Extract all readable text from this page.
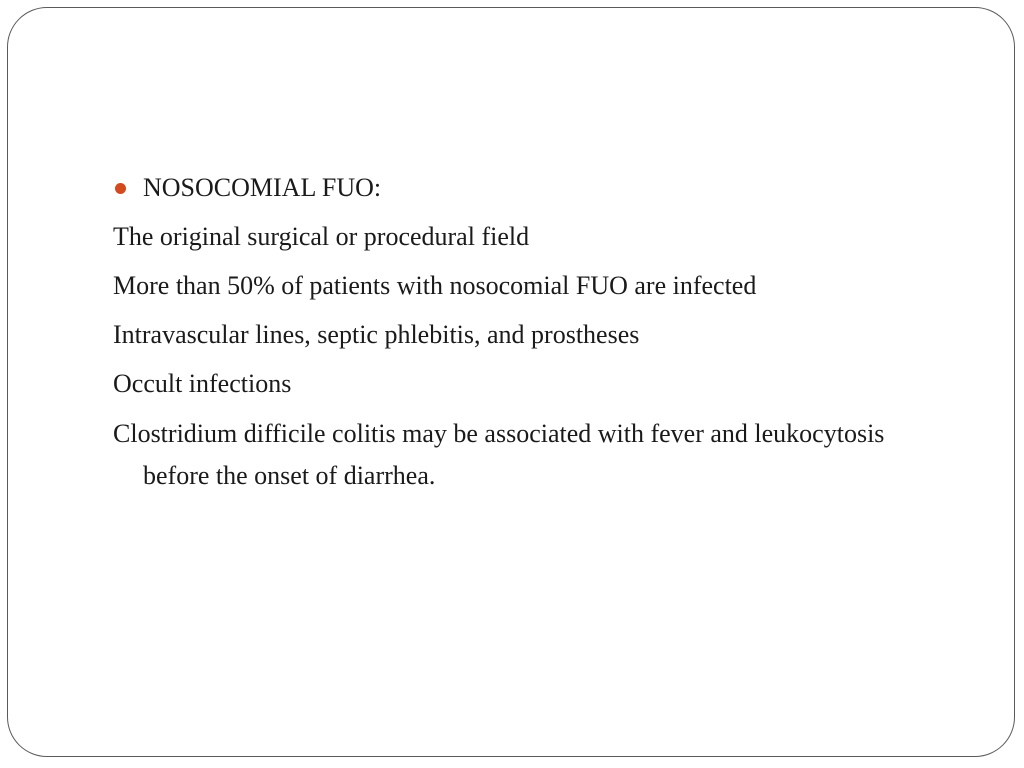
NOSOCOMIAL FUO:
The original surgical or procedural field
More than 50% of patients with nosocomial FUO are infected
Intravascular lines, septic phlebitis, and prostheses
Occult infections
Clostridium difficile colitis may be associated with fever and leukocytosis before the onset of diarrhea.
